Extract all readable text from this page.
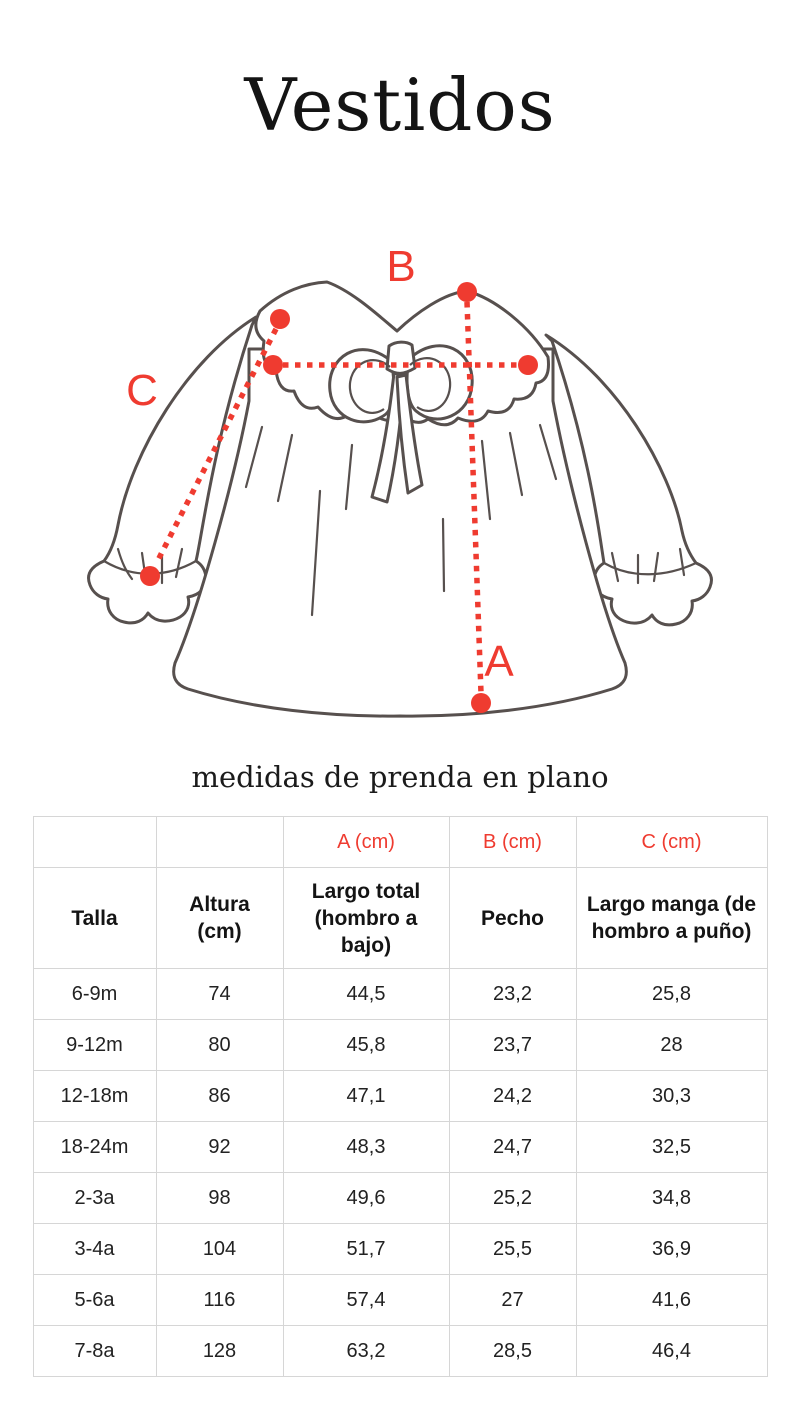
Vestidos
B
C
A

medidas de prenda en plano

		A (cm)	B (cm)	C (cm)
Talla	Altura (cm)	Largo total (hombro a bajo)	Pecho	Largo manga (de hombro a puño)
6-9m	74	44,5	23,2	25,8
9-12m	80	45,8	23,7	28
12-18m	86	47,1	24,2	30,3
18-24m	92	48,3	24,7	32,5
2-3a	98	49,6	25,2	34,8
3-4a	104	51,7	25,5	36,9
5-6a	116	57,4	27	41,6
7-8a	128	63,2	28,5	46,4
